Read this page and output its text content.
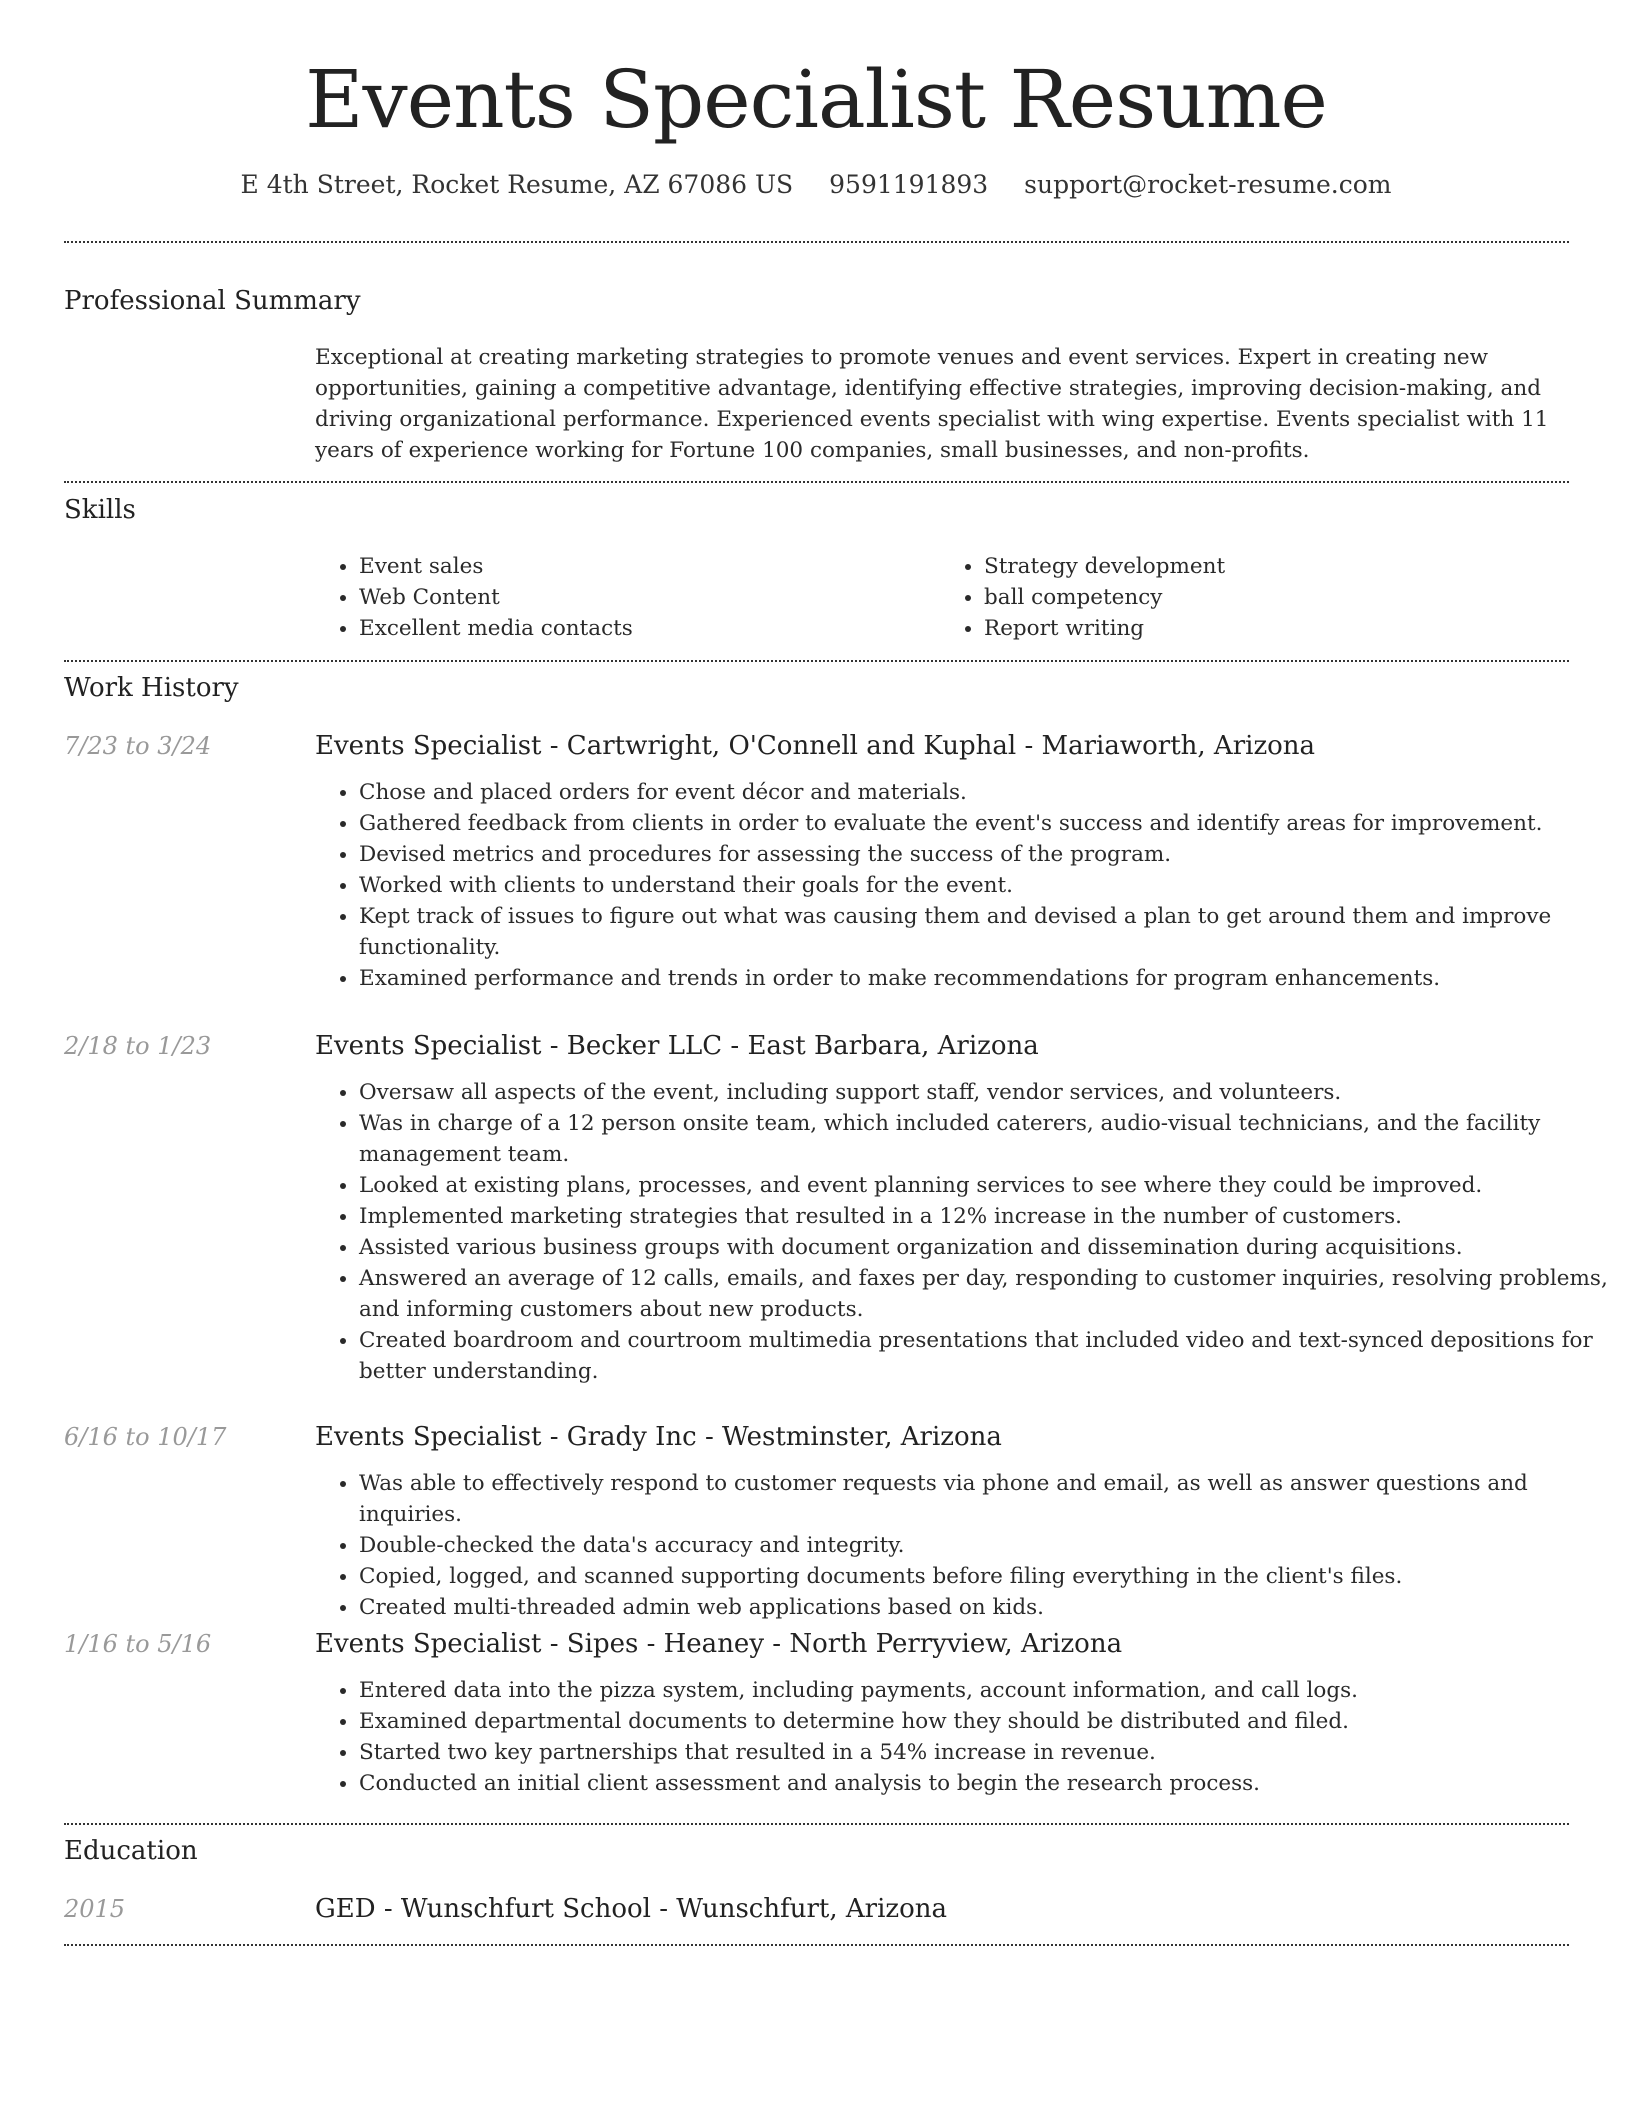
Events Specialist Resume
E 4th Street, Rocket Resume, AZ 67086 US 9591191893 support@rocket-resume.com
Professional Summary

Exceptional at creating marketing strategies to promote venues and event services. Expert in creating new opportunities, gaining a competitive advantage, identifying effective strategies, improving decision-making, and driving organizational performance. Experienced events specialist with wing expertise. Events specialist with 11 years of experience working for Fortune 100 companies, small businesses, and non-profits.

Skills
• Event sales
• Web Content
• Excellent media contacts
• Strategy development
• ball competency
• Report writing
Work History
7/23 to 3/24	Events Specialist - Cartwright, O'Connell and Kuphal - Mariaworth, Arizona
• Chose and placed orders for event décor and materials.
• Gathered feedback from clients in order to evaluate the event's success and identify areas for improvement.
• Devised metrics and procedures for assessing the success of the program.
• Worked with clients to understand their goals for the event.
• Kept track of issues to figure out what was causing them and devised a plan to get around them and improve functionality.
• Examined performance and trends in order to make recommendations for program enhancements.
2/18 to 1/23	Events Specialist - Becker LLC - East Barbara, Arizona
• Oversaw all aspects of the event, including support staff, vendor services, and volunteers.
• Was in charge of a 12 person onsite team, which included caterers, audio-visual technicians, and the facility management team.
• Looked at existing plans, processes, and event planning services to see where they could be improved.
• Implemented marketing strategies that resulted in a 12% increase in the number of customers.
• Assisted various business groups with document organization and dissemination during acquisitions.
• Answered an average of 12 calls, emails, and faxes per day, responding to customer inquiries, resolving problems, and informing customers about new products.
• Created boardroom and courtroom multimedia presentations that included video and text-synced depositions for better understanding.
6/16 to 10/17	Events Specialist - Grady Inc - Westminster, Arizona
• Was able to effectively respond to customer requests via phone and email, as well as answer questions and inquiries.
• Double-checked the data's accuracy and integrity.
• Copied, logged, and scanned supporting documents before filing everything in the client's files.
• Created multi-threaded admin web applications based on kids.
1/16 to 5/16	Events Specialist - Sipes - Heaney - North Perryview, Arizona
• Entered data into the pizza system, including payments, account information, and call logs.
• Examined departmental documents to determine how they should be distributed and filed.
• Started two key partnerships that resulted in a 54% increase in revenue.
• Conducted an initial client assessment and analysis to begin the research process.
Education
2015	GED - Wunschfurt School - Wunschfurt, Arizona
